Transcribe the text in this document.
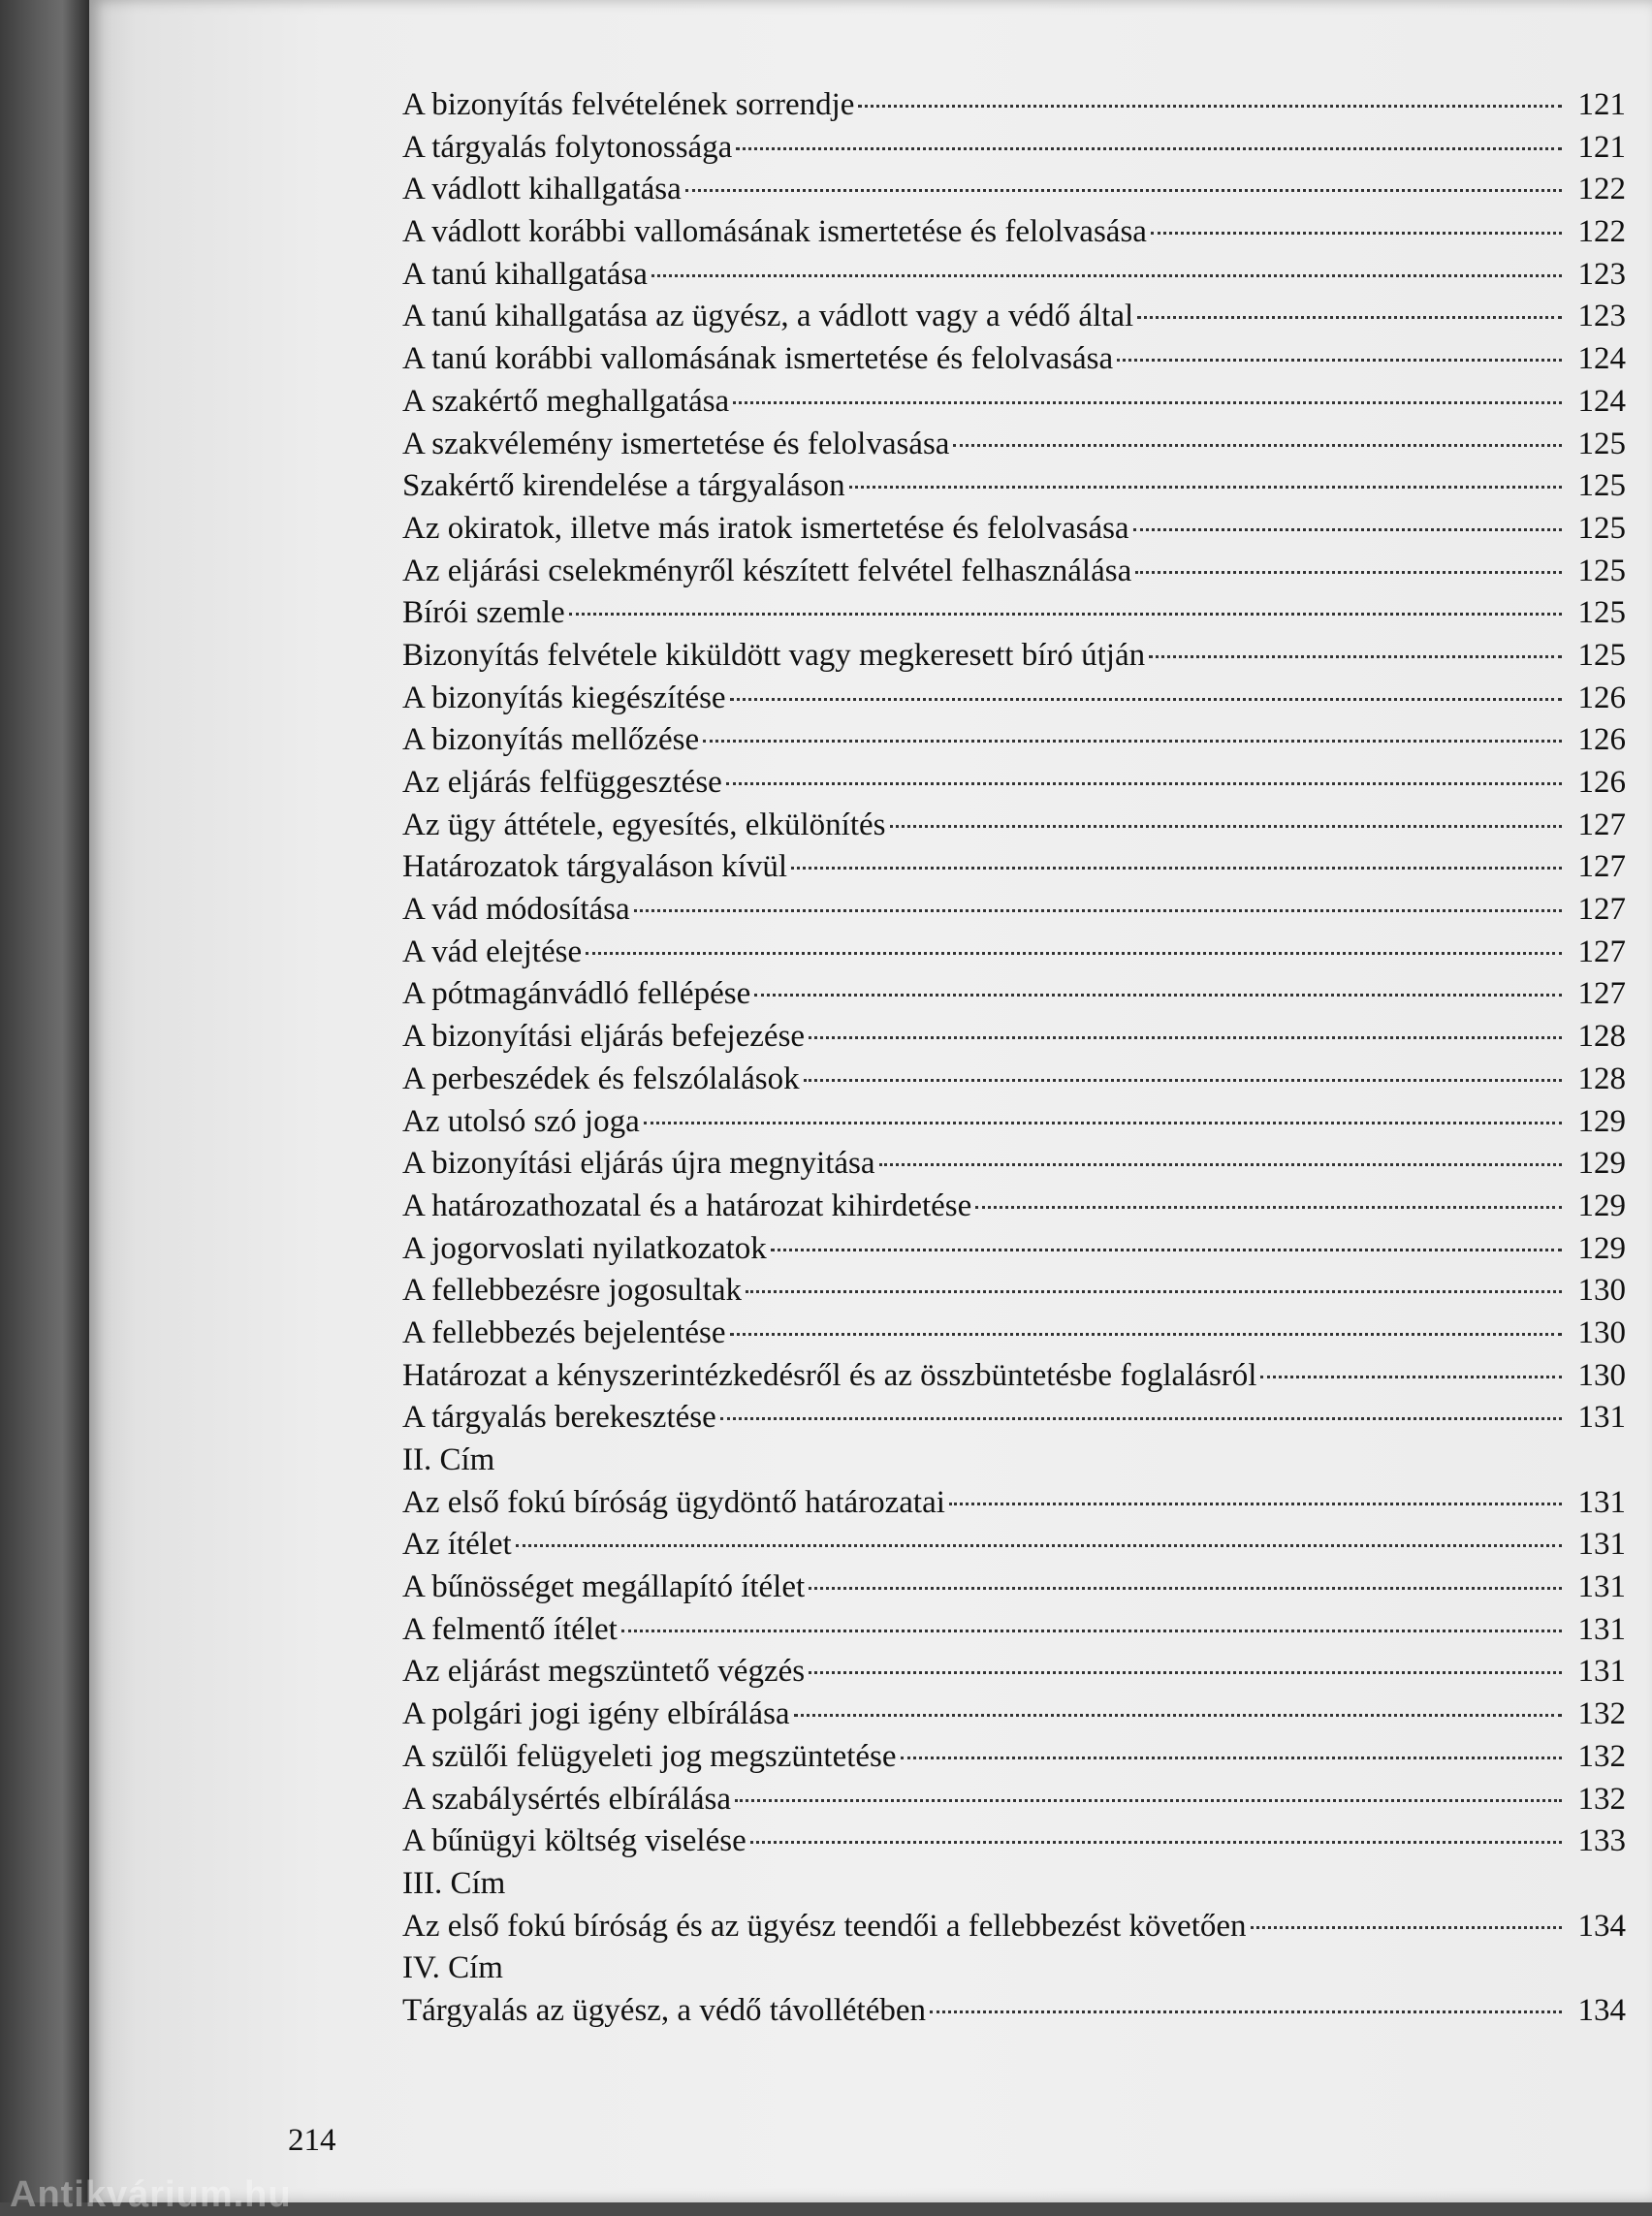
A bizonyítás felvételének sorrendje	121
A tárgyalás folytonossága	121
A vádlott kihallgatása	122
A vádlott korábbi vallomásának ismertetése és felolvasása	122
A tanú kihallgatása	123
A tanú kihallgatása az ügyész, a vádlott vagy a védő által	123
A tanú korábbi vallomásának ismertetése és felolvasása	124
A szakértő meghallgatása	124
A szakvélemény ismertetése és felolvasása	125
Szakértő kirendelése a tárgyaláson	125
Az okiratok, illetve más iratok ismertetése és felolvasása	125
Az eljárási cselekményről készített felvétel felhasználása	125
Bírói szemle	125
Bizonyítás felvétele kiküldött vagy megkeresett bíró útján	125
A bizonyítás kiegészítése	126
A bizonyítás mellőzése	126
Az eljárás felfüggesztése	126
Az ügy áttétele, egyesítés, elkülönítés	127
Határozatok tárgyaláson kívül	127
A vád módosítása	127
A vád elejtése	127
A pótmagánvádló fellépése	127
A bizonyítási eljárás befejezése	128
A perbeszédek és felszólalások	128
Az utolsó szó joga	129
A bizonyítási eljárás újra megnyitása	129
A határozathozatal és a határozat kihirdetése	129
A jogorvoslati nyilatkozatok	129
A fellebbezésre jogosultak	130
A fellebbezés bejelentése	130
Határozat a kényszerintézkedésről és az összbüntetésbe foglalásról	130
A tárgyalás berekesztése	131
II. Cím
Az első fokú bíróság ügydöntő határozatai	131
Az ítélet	131
A bűnösséget megállapító ítélet	131
A felmentő ítélet	131
Az eljárást megszüntető végzés	131
A polgári jogi igény elbírálása	132
A szülői felügyeleti jog megszüntetése	132
A szabálysértés elbírálása	132
A bűnügyi költség viselése	133
III. Cím
Az első fokú bíróság és az ügyész teendői a fellebbezést követően	134
IV. Cím
Tárgyalás az ügyész, a védő távollétében	134
214
Antikvárium.hu
